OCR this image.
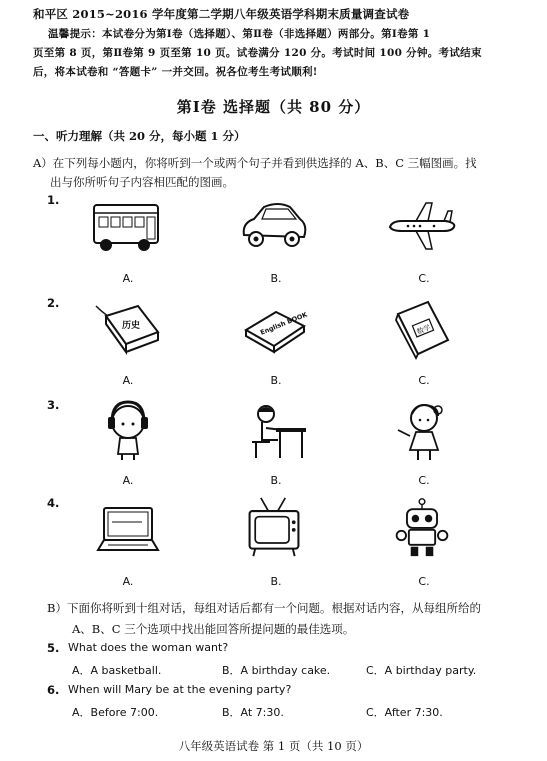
和平区 2015~2016 学年度第二学期八年级英语学科期末质量调查试卷
温馨提示：本试卷分为第Ⅰ卷（选择题）、第Ⅱ卷（非选择题）两部分。第Ⅰ卷第 1
页至第 8 页，第Ⅱ卷第 9 页至第 10 页。试卷满分 120 分。考试时间 100 分钟。考试结束
后，将本试卷和 “答题卡” 一并交回。祝各位考生考试顺利!
第Ⅰ卷 选择题（共 80 分）
一、听力理解（共 20 分，每小题 1 分）
A）在下列每小题内，你将听到一个或两个句子并看到供选择的 A、B、C 三幅图画。找
出与你所听句子内容相匹配的图画。
1.
A.	B.	C.
2.
历史	English BOOK	数学
A.	B.	C.
3.
A.	B.	C.
4.
A.	B.	C.
B）下面你将听到十组对话，每组对话后都有一个问题。根据对话内容，从每组所给的
A、B、C 三个选项中找出能回答所提问题的最佳选项。
5. What does the woman want?
A．A basketball.	B．A birthday cake.	C．A birthday party.
6. When will Mary be at the evening party?
A．Before 7:00.	B．At 7:30.	C．After 7:30.
八年级英语试卷 第 1 页（共 10 页）
